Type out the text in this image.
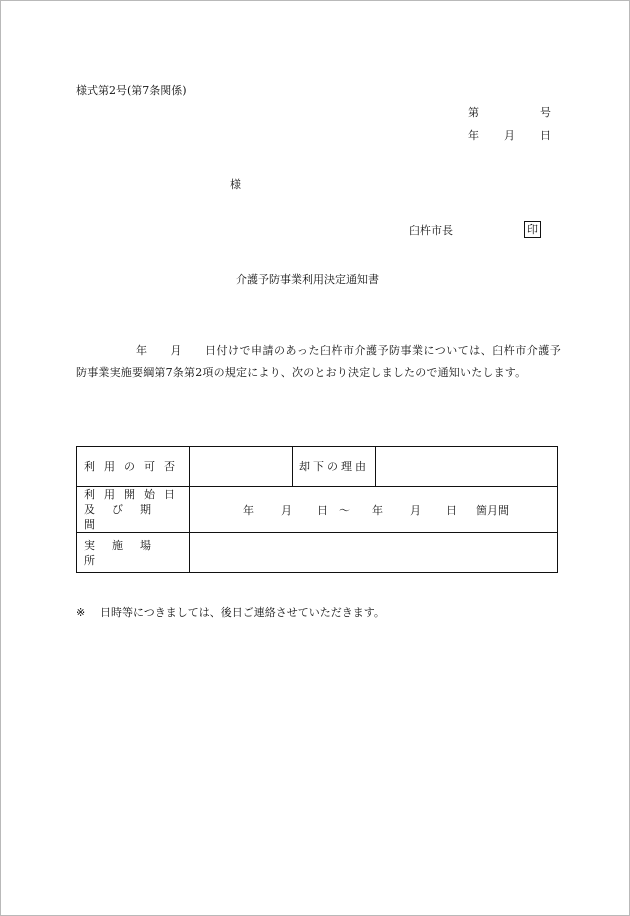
様式第2号(第7条関係)
第	号
年 月 日
様
臼杵市長	印
介護予防事業利用決定通知書
年　　月　　日付けで申請のあった臼杵市介護予防事業については、臼杵市介護予防事業実施要綱第7条第2項の規定により、次のとおり決定しましたので通知いたします。
利用の可否		却下の理由	

利用開始日
及び期間	年 月 日 ～ 年 月 日 箇月間		
実施場所			
※ 日時等につきましては、後日ご連絡させていただきます。
